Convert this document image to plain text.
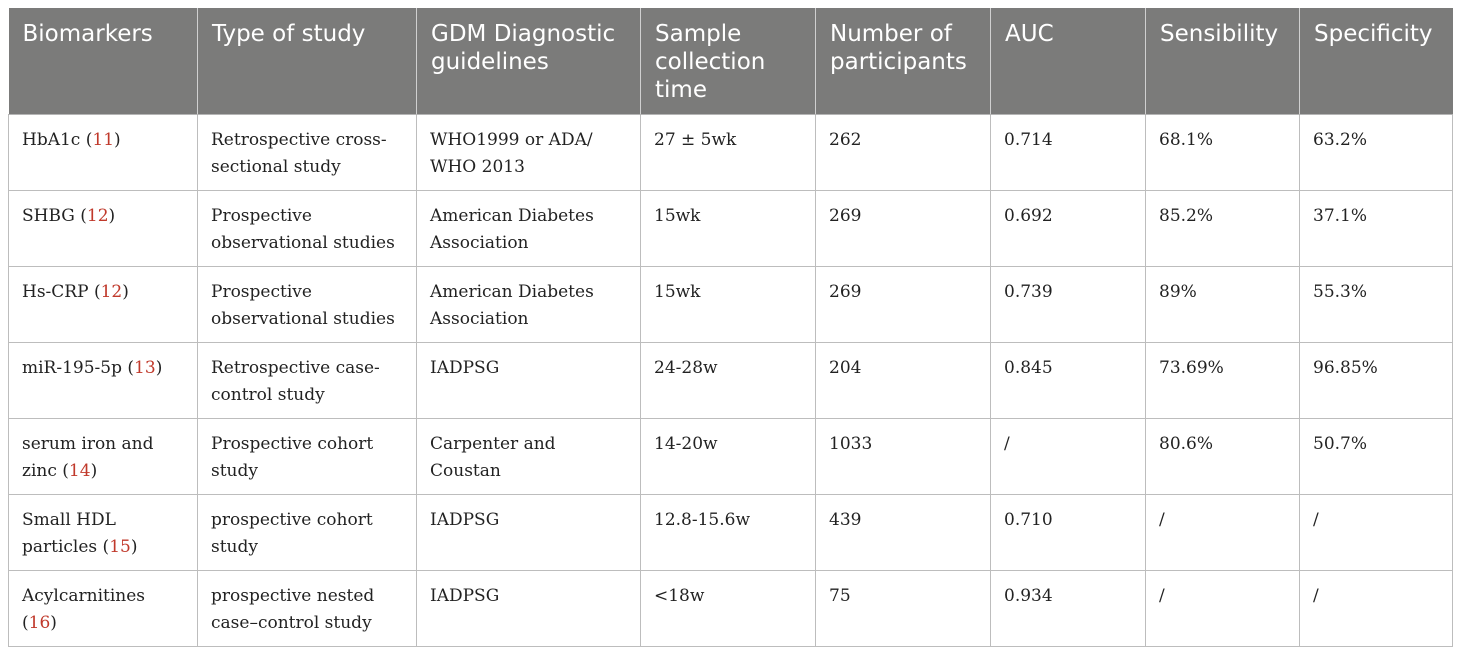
Biomarkers	Type of study	GDM Diagnostic guidelines	Sample collection time	Number of participants	AUC	Sensibility	Specificity
HbA1c (11)	Retrospective cross-sectional study	WHO1999 or ADA/ WHO 2013	27 ± 5wk	262	0.714	68.1%	63.2%
SHBG (12)	Prospective observational studies	American Diabetes Association	15wk	269	0.692	85.2%	37.1%
Hs-CRP (12)	Prospective observational studies	American Diabetes Association	15wk	269	0.739	89%	55.3%
miR-195-5p (13)	Retrospective case-control study	IADPSG	24-28w	204	0.845	73.69%	96.85%
serum iron and zinc (14)	Prospective cohort study	Carpenter and Coustan	14-20w	1033	/	80.6%	50.7%
Small HDL particles (15)	prospective cohort study	IADPSG	12.8-15.6w	439	0.710	/	/
Acylcarnitines (16)	prospective nested case–control study	IADPSG	<18w	75	0.934	/	/
